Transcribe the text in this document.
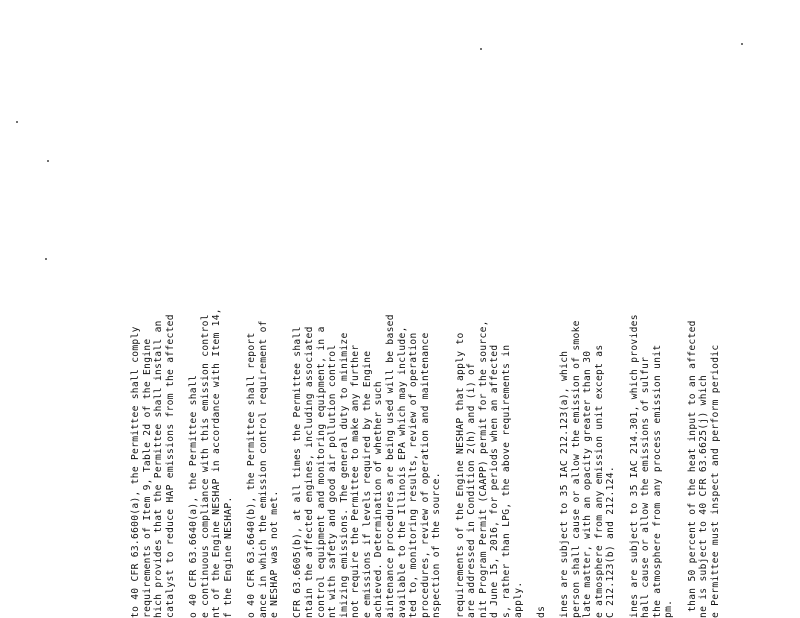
to 40 CFR 63.6600(a), the Permittee shall comply requirements of Item 9, Table 2d of the Engine hich provides that the Permittee shall install an catalyst to reduce HAP emissions from the affected o 40 CFR 63.6640(a), the Permittee shall e continuous compliance with this emission control nt of the Engine NESHAP in accordance with Item 14, f the Engine NESHAP. o 40 CFR 63.6640(b), the Permittee shall report ance in which the emission control requirement of e NESHAP was not met. CFR 63.6605(b), at all times the Permittee shall ntain the affected engines, including associated control equipment and monitoring equipment, in a nt with safety and good air pollution control imizing emissions. The general duty to minimize not require the Permittee to make any further e emissions if levels required by the Engine achieved. Determination of whether such aintenance procedures are being used will be based available to the Illinois EPA which may include, ted to, monitoring results, review of operation procedures, review of operation and maintenance nspection of the source. requirements of the Engine NESHAP that apply to are addressed in Condition 2(h) and (i) of nit Program Permit (CAAPP) permit for the source, d June 15, 2016, for periods when an affected s, rather than LPG, the above requirements in apply. ds ines are subject to 35 IAC 212.123(a), which person shall cause or allow the emission of smoke late matter, with an opacity greater than 30 e atmosphere from any emission unit except as C 212.123(b) and 212.124. ines are subject to 35 IAC 214.301, which provides hall cause or allow the emissions of sulfur the atmosphere from any process emission unit pm. than 50 percent of the heat input to an affected ne is subject to 40 CFR 63.6625(j) which e Permittee must inspect and perform periodic
